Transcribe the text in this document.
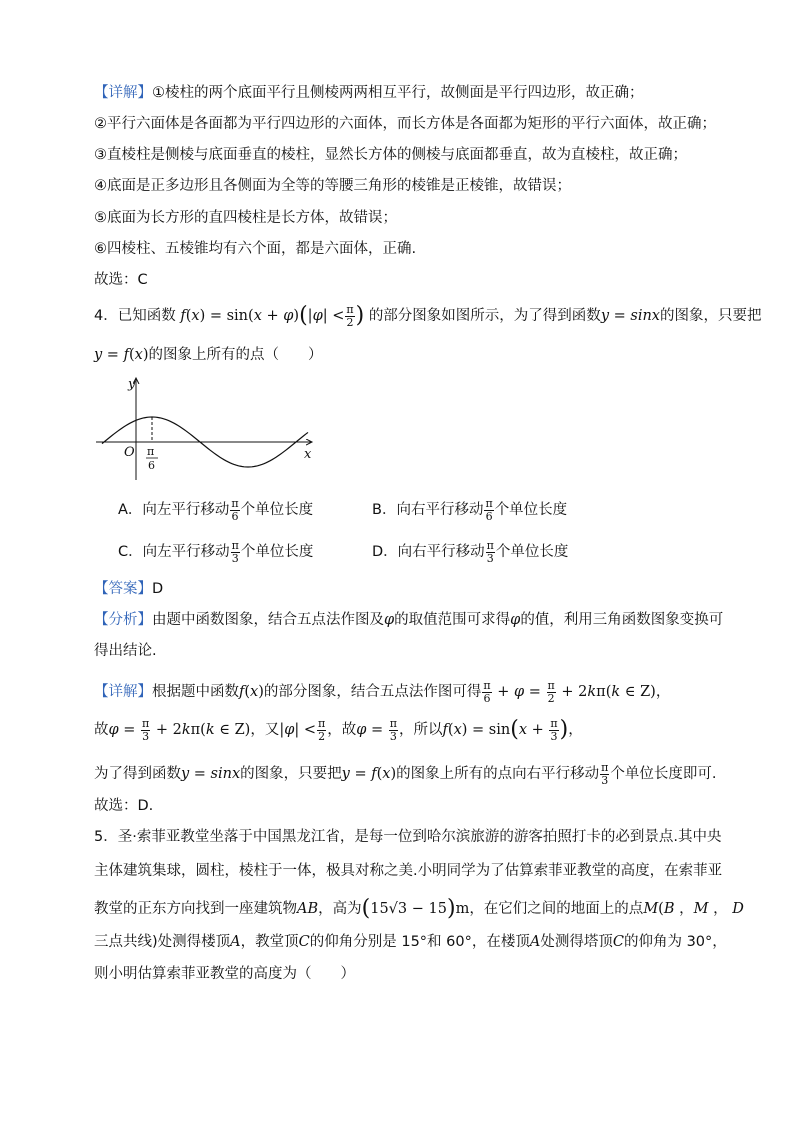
【详解】①棱柱的两个底面平行且侧棱两两相互平行，故侧面是平行四边形，故正确；
②平行六面体是各面都为平行四边形的六面体，而长方体是各面都为矩形的平行六面体，故正确；
③直棱柱是侧棱与底面垂直的棱柱，显然长方体的侧棱与底面都垂直，故为直棱柱，故正确；
④底面是正多边形且各侧面为全等的等腰三角形的棱锥是正棱锥，故错误；
⑤底面为长方形的直四棱柱是长方体，故错误；
⑥四棱柱、五棱锥均有六个面，都是六面体，正确.
故选：C
4．已知函数 $f(x) = \sin(x + \varphi)(|\varphi| < \frac{\pi}{2}$ ) 的部分图象如图所示，为了得到函数y = sinx的图象，只要把
y = f(x)的图象上所有的点（　　）
y
x
O π
6
A．向左平行移动 $\frac{\pi}{6}$ 个单位长度	B．向右平行移动 $\frac{\pi}{6}$ 个单位长度
C．向左平行移动 $\frac{\pi}{3}$ 个单位长度	D．向右平行移动 $\frac{\pi}{3}$ 个单位长度
【答案】D
【分析】由题中函数图象，结合五点法作图及φ的取值范围可求得φ的值，利用三角函数图象变换可
得出结论.
【详解】根据题中函数f(x)的部分图象，结合五点法作图可得 $\frac{\pi}{6} + \varphi = \frac{\pi}{2} + 2k\pi(k$ ∈ Z)，
故$\varphi = \frac{\pi}{3} + 2k\pi(k$ ∈ Z)，又$|\varphi| < \frac{\pi}{2}$ ，故$\varphi = \frac{\pi}{3}$ ，所以$f(x) = \sin(x + \frac{\pi}{3}$ )，
为了得到函数y = sinx的图象，只要把y = f(x)的图象上所有的点向右平行移动 $\frac{\pi}{3}$ 个单位长度即可.
故选：D.
5．圣·索菲亚教堂坐落于中国黑龙江省，是每一位到哈尔滨旅游的游客拍照打卡的必到景点.其中央
主体建筑集球，圆柱，棱柱于一体，极具对称之美.小明同学为了估算索菲亚教堂的高度，在索菲亚
教堂的正东方向找到一座建筑物AB，高为(15√3 − 15)m，在它们之间的地面上的点M(B ，M ， D
三点共线)处测得楼顶A，教堂顶C的仰角分别是 15°和 60°，在楼顶A处测得塔顶C的仰角为 30°，
则小明估算索菲亚教堂的高度为（　　）
